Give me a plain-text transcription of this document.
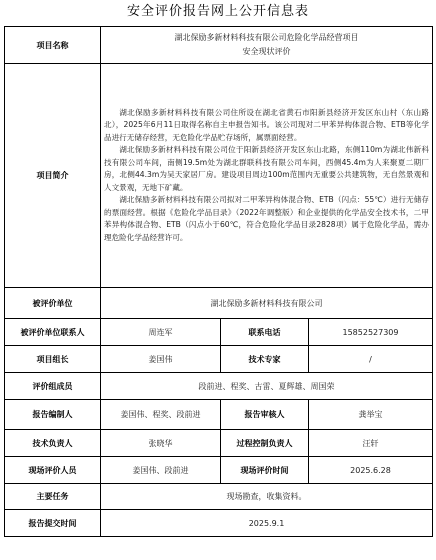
安全评价报告网上公开信息表
项目名称	湖北保励多新材料科技有限公司危险化学品经营项目
安全现状评价		

项目简介	湖北保励多新材料科技有限公司住所设在湖北省黄石市阳新县经济开发区东山村（东山路北），2025年6月11日取得名称自主申报告知书。该公司现对二甲苯异构体混合物、ETB等化学品进行无储存经营，无危险化学品贮存场所，属票面经营。

湖北保励多新材料科技有限公司位于阳新县经济开发区东山北路，东侧110m为湖北伟新科技有限公司车间，南侧19.5m处为湖北群联科技有限公司车间，西侧45.4m为人来聚夏二期厂房，北侧44.3m为吴天家居厂房。建设项目周边100m范围内无重要公共建筑物，无自然景观和人文景观，无地下矿藏。

湖北保励多新材料科技有限公司拟对二甲苯异构体混合物、ETB（闪点：55℃）进行无储存的票面经营。根据《危险化学品目录》（2022年调整版）和企业提供的化学品安全技术书，二甲苯异构体混合物、ETB（闪点小于60℃，符合危险化学品目录2828项）属于危险化学品，需办理危险化学品经营许可。		

被评价单位	湖北保励多新材料科技有限公司		
被评价单位联系人	周连军	联系电话	15852527309
项目组长	姜国伟	技术专家	/
评价组成员	段前进、程奖、古雷、夏辉雄、周国荣		
报告编制人	姜国伟、程奖、段前进	报告审核人	龚举宝
技术负责人	张晓华	过程控制负责人	汪轩
现场评价人员	姜国伟、段前进	现场评价时间	2025.6.28
主要任务	现场勘查，收集资料。		
报告提交时间	2025.9.1		
